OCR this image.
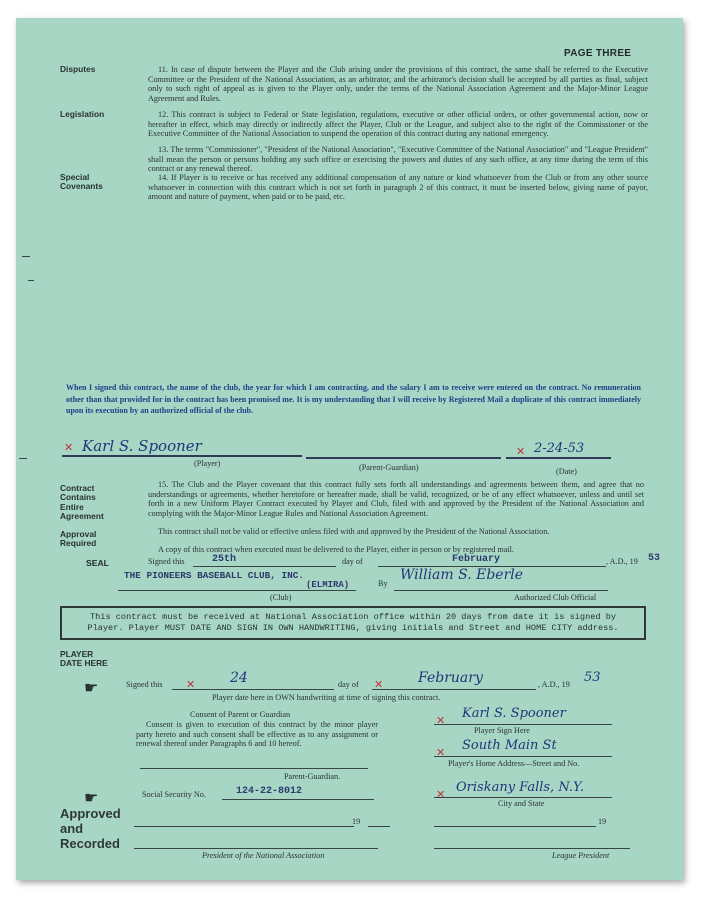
PAGE THREE
Disputes
Legislation
Special Covenants
11. In case of dispute between the Player and the Club arising under the provisions of this contract, the same shall be referred to the Executive Committee or the President of the National Association, as an arbitrator, and the arbitrator's decision shall be accepted by all parties as final, subject only to such right of appeal as is given to the Player only, under the terms of the National Association Agreement and the Major-Minor League Agreement and Rules.
12. This contract is subject to Federal or State legislation, regulations, executive or other official orders, or other governmental action, now or hereafter in effect, which may directly or indirectly affect the Player, Club or the League, and subject also to the right of the Commissioner or the Executive Committee of the National Association to suspend the operation of this contract during any national emergency.
13. The terms "Commissioner", "President of the National Association", "Executive Committee of the National Association" and "League President" shall mean the person or persons holding any such office or exercising the powers and duties of any such office, at any time during the term of this contract or any renewal thereof.
14. If Player is to receive or has received any additional compensation of any nature or kind whatsoever from the Club or from any other source whatsoever in connection with this contract which is not set forth in paragraph 2 of this contract, it must be inserted below, giving name of payor, amount and nature of payment, when paid or to be paid, etc.
When I signed this contract, the name of the club, the year for which I am contracting, and the salary I am to receive were entered on the contract. No remuneration other than that provided for in the contract has been promised me. It is my understanding that I will receive by Registered Mail a duplicate of this contract immediately upon its execution by an authorized official of the club.
✕ Karl S. Spooner	✕ 2-24-53
(Player)	(Parent-Guardian)	(Date)
Contract Contains Entire Agreement
15. The Club and the Player covenant that this contract fully sets forth all understandings and agreements between them, and agree that no understandings or agreements, whether heretofore or hereafter made, shall be valid, recognized, or be of any effect whatsoever, unless and until set forth in a new Uniform Player Contract executed by Player and Club, filed with and approved by the President of the National Association and complying with the Major-Minor League Rules and National Association Agreement.
Approval Required
This contract shall not be valid or effective unless filed with and approved by the President of the National Association.
A copy of this contract when executed must be delivered to the Player, either in person or by registered mail.
SEAL	Signed this	25th	day of	February	, A.D., 19 53
THE PIONEERS BASEBALL CLUB, INC.
(ELMIRA)
(Club)
By
William S. Eberle
Authorized Club Official
This contract must be received at National Association office within 20 days from date it is signed by Player. Player MUST DATE AND SIGN IN OWN HANDWRITING, giving initials and Street and HOME CITY address.
PLAYER DATE HERE
☛	Signed this ✕ 24	day of ✕ February	, A.D., 19 53
Player date here in OWN handwriting at time of signing this contract.
Consent of Parent or Guardian
Consent is given to execution of this contract by the minor player party hereto and such consent shall be effective as to any assignment or renewal thereof under Paragraphs 6 and 10 hereof.
Parent-Guardian.
✕ Karl S. Spooner
Player Sign Here
✕ South Main St
Player's Home Address—Street and No.
✕ Oriskany Falls, N.Y.
City and State
☛	Social Security No.	124-22-8012
Approved
and
Recorded
19	19
President of the National Association	League President
